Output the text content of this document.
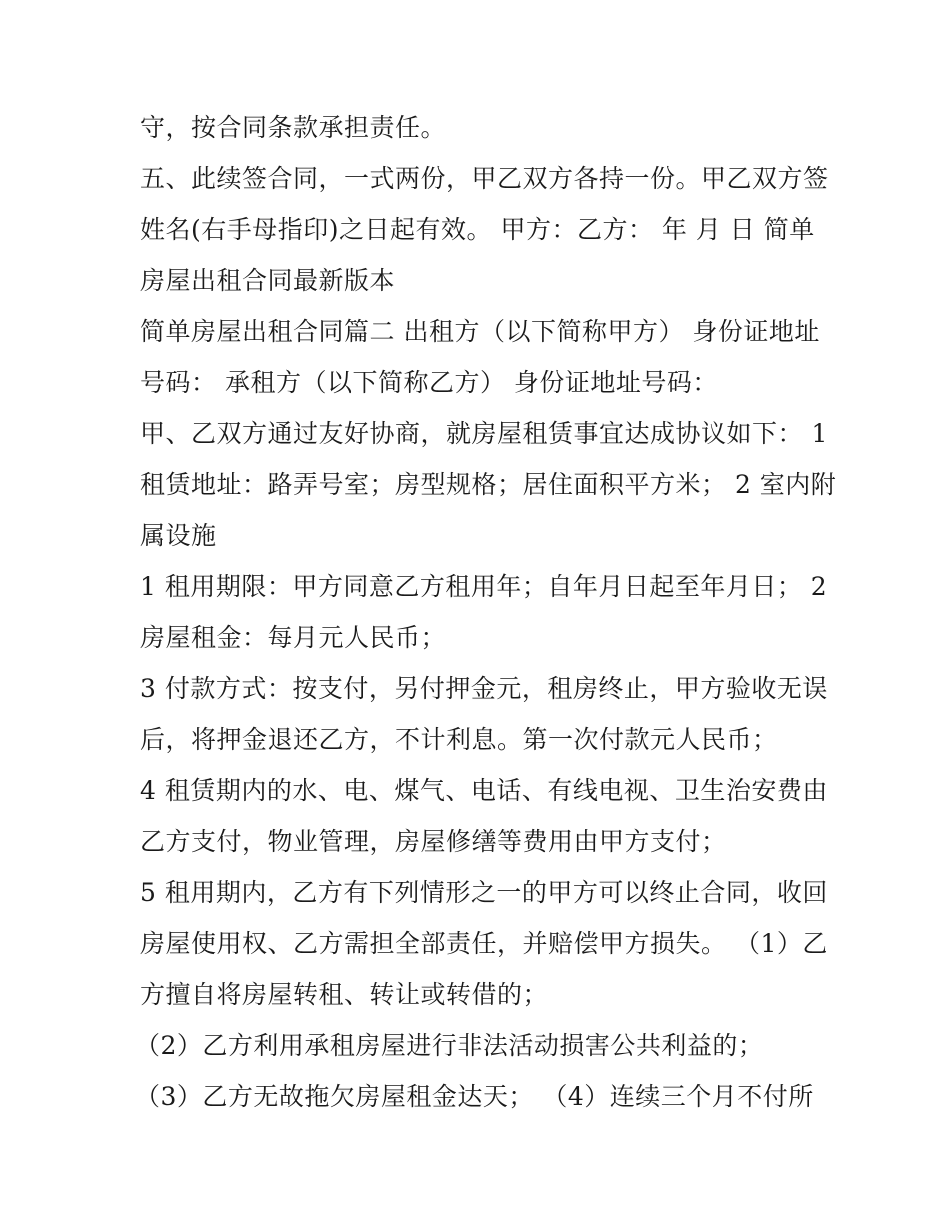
守，按合同条款承担责任。
五、此续签合同，一式两份，甲乙双方各持一份。甲乙双方签
姓名(右手母指印)之日起有效。 甲方：乙方： 年 月 日 简单
房屋出租合同最新版本
简单房屋出租合同篇二 出租方（以下简称甲方） 身份证地址
号码： 承租方（以下简称乙方） 身份证地址号码：
甲、乙双方通过友好协商，就房屋租赁事宜达成协议如下： 1
租赁地址：路弄号室；房型规格；居住面积平方米； 2 室内附
属设施
1 租用期限：甲方同意乙方租用年；自年月日起至年月日； 2
房屋租金：每月元人民币；
3 付款方式：按支付，另付押金元，租房终止，甲方验收无误
后，将押金退还乙方，不计利息。第一次付款元人民币；
4 租赁期内的水、电、煤气、电话、有线电视、卫生治安费由
乙方支付，物业管理，房屋修缮等费用由甲方支付；
5 租用期内，乙方有下列情形之一的甲方可以终止合同，收回
房屋使用权、乙方需担全部责任，并赔偿甲方损失。 （1）乙
方擅自将房屋转租、转让或转借的；
（2）乙方利用承租房屋进行非法活动损害公共利益的；
（3）乙方无故拖欠房屋租金达天； （4）连续三个月不付所
